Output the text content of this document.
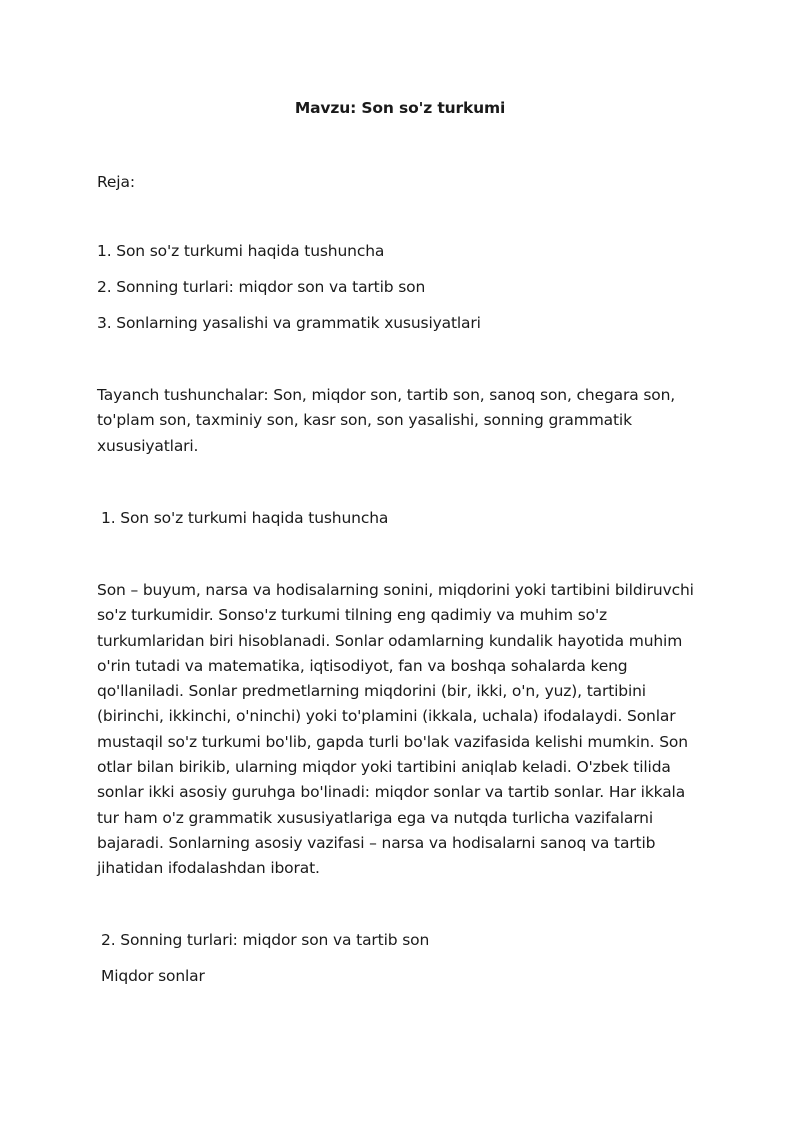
Mavzu: Son so'z turkumi
Reja:
1. Son so'z turkumi haqida tushuncha
2. Sonning turlari: miqdor son va tartib son
3. Sonlarning yasalishi va grammatik xususiyatlari
Tayanch tushunchalar: Son, miqdor son, tartib son, sanoq son, chegara son,
to'plam son, taxminiy son, kasr son, son yasalishi, sonning grammatik
xususiyatlari.
1. Son so'z turkumi haqida tushuncha
Son – buyum, narsa va hodisalarning sonini, miqdorini yoki tartibini bildiruvchi
so'z turkumidir. Sonso'z turkumi tilning eng qadimiy va muhim so'z
turkumlaridan biri hisoblanadi. Sonlar odamlarning kundalik hayotida muhim
o'rin tutadi va matematika, iqtisodiyot, fan va boshqa sohalarda keng
qo'llaniladi. Sonlar predmetlarning miqdorini (bir, ikki, o'n, yuz), tartibini
(birinchi, ikkinchi, o'ninchi) yoki to'plamini (ikkala, uchala) ifodalaydi. Sonlar
mustaqil so'z turkumi bo'lib, gapda turli bo'lak vazifasida kelishi mumkin. Son
otlar bilan birikib, ularning miqdor yoki tartibini aniqlab keladi. O'zbek tilida
sonlar ikki asosiy guruhga bo'linadi: miqdor sonlar va tartib sonlar. Har ikkala
tur ham o'z grammatik xususiyatlariga ega va nutqda turlicha vazifalarni
bajaradi. Sonlarning asosiy vazifasi – narsa va hodisalarni sanoq va tartib
jihatidan ifodalashdan iborat.
2. Sonning turlari: miqdor son va tartib son
Miqdor sonlar
